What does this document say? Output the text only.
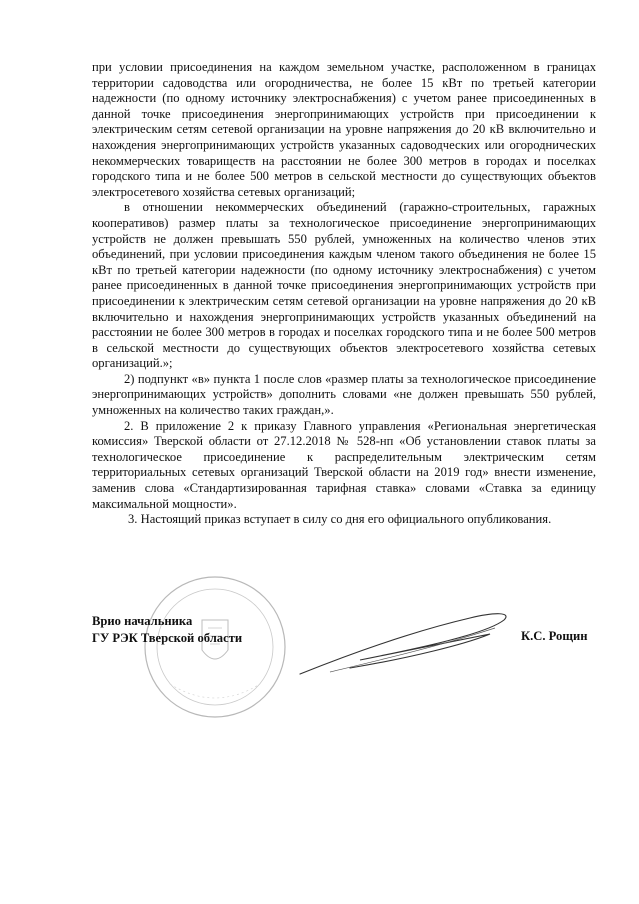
при условии присоединения на каждом земельном участке, расположенном в границах территории садоводства или огородничества, не более 15 кВт по третьей категории надежности (по одному источнику электроснабжения) с учетом ранее присоединенных в данной точке присоединения энергопринимающих устройств при присоединении к электрическим сетям сетевой организации на уровне напряжения до 20 кВ включительно и нахождения энергопринимающих устройств указанных садоводческих или огороднических некоммерческих товариществ на расстоянии не более 300 метров в городах и поселках городского типа и не более 500 метров в сельской местности до существующих объектов электросетевого хозяйства сетевых организаций;

в отношении некоммерческих объединений (гаражно-строительных, гаражных кооперативов) размер платы за технологическое присоединение энергопринимающих устройств не должен превышать 550 рублей, умноженных на количество членов этих объединений, при условии присоединения каждым членом такого объединения не более 15 кВт по третьей категории надежности (по одному источнику электроснабжения) с учетом ранее присоединенных в данной точке присоединения энергопринимающих устройств при присоединении к электрическим сетям сетевой организации на уровне напряжения до 20 кВ включительно и нахождения энергопринимающих устройств указанных объединений на расстоянии не более 300 метров в городах и поселках городского типа и не более 500 метров в сельской местности до существующих объектов электросетевого хозяйства сетевых организаций.»;

2) подпункт «в» пункта 1 после слов «размер платы за технологическое присоединение энергопринимающих устройств» дополнить словами «не должен превышать 550 рублей, умноженных на количество таких граждан,».

2. В приложение 2 к приказу Главного управления «Региональная энергетическая комиссия» Тверской области от 27.12.2018 № 528-нп «Об установлении ставок платы за технологическое присоединение к распределительным электрическим сетям территориальных сетевых организаций Тверской области на 2019 год» внести изменение, заменив слова «Стандартизированная тарифная ставка» словами «Ставка за единицу максимальной мощности».

3. Настоящий приказ вступает в силу со дня его официального опубликования.

Врио начальника
ГУ РЭК Тверской области	К.С. Рощин
